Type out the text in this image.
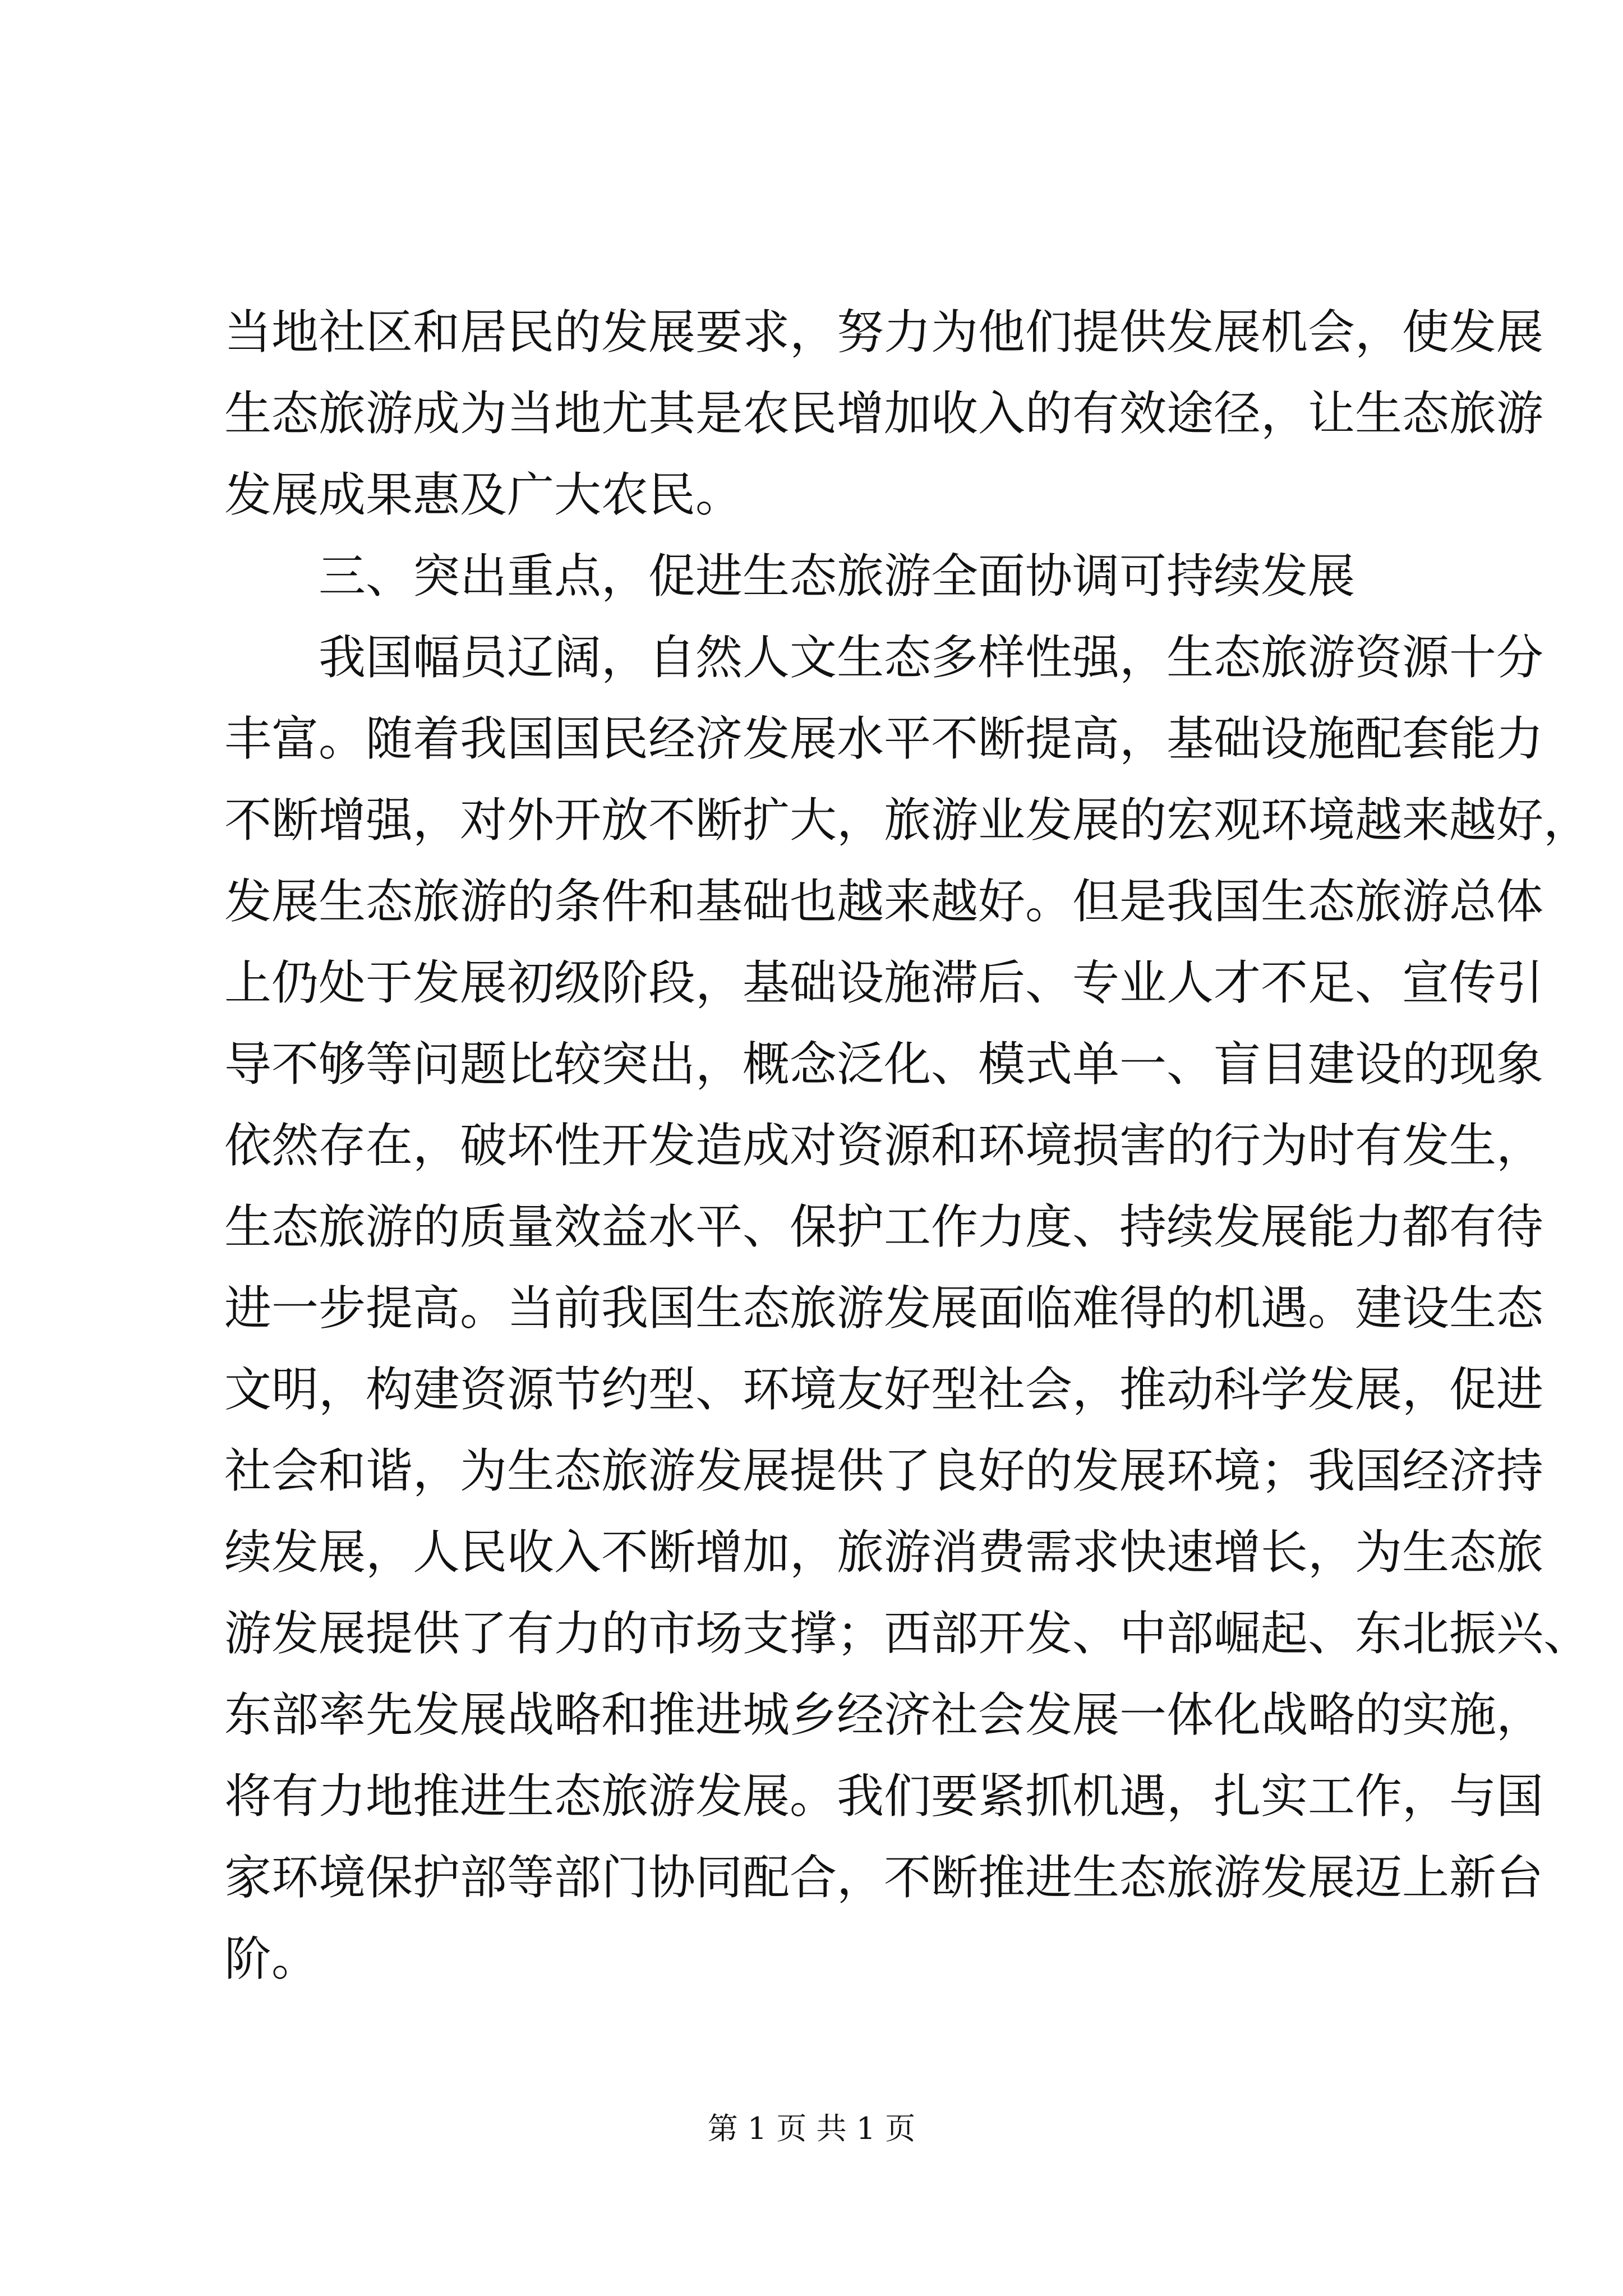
当地社区和居民的发展要求，努力为他们提供发展机会，使发展
生态旅游成为当地尤其是农民增加收入的有效途径，让生态旅游
发展成果惠及广大农民。
三、突出重点，促进生态旅游全面协调可持续发展
我国幅员辽阔，自然人文生态多样性强，生态旅游资源十分
丰富。随着我国国民经济发展水平不断提高，基础设施配套能力
不断增强，对外开放不断扩大，旅游业发展的宏观环境越来越好，
发展生态旅游的条件和基础也越来越好。但是我国生态旅游总体
上仍处于发展初级阶段，基础设施滞后、专业人才不足、宣传引
导不够等问题比较突出，概念泛化、模式单一、盲目建设的现象
依然存在，破坏性开发造成对资源和环境损害的行为时有发生，
生态旅游的质量效益水平、保护工作力度、持续发展能力都有待
进一步提高。当前我国生态旅游发展面临难得的机遇。建设生态
文明，构建资源节约型、环境友好型社会，推动科学发展，促进
社会和谐，为生态旅游发展提供了良好的发展环境；我国经济持
续发展，人民收入不断增加，旅游消费需求快速增长，为生态旅
游发展提供了有力的市场支撑；西部开发、中部崛起、东北振兴、
东部率先发展战略和推进城乡经济社会发展一体化战略的实施，
将有力地推进生态旅游发展。我们要紧抓机遇，扎实工作，与国
家环境保护部等部门协同配合，不断推进生态旅游发展迈上新台
阶。
第 1 页 共 1 页
